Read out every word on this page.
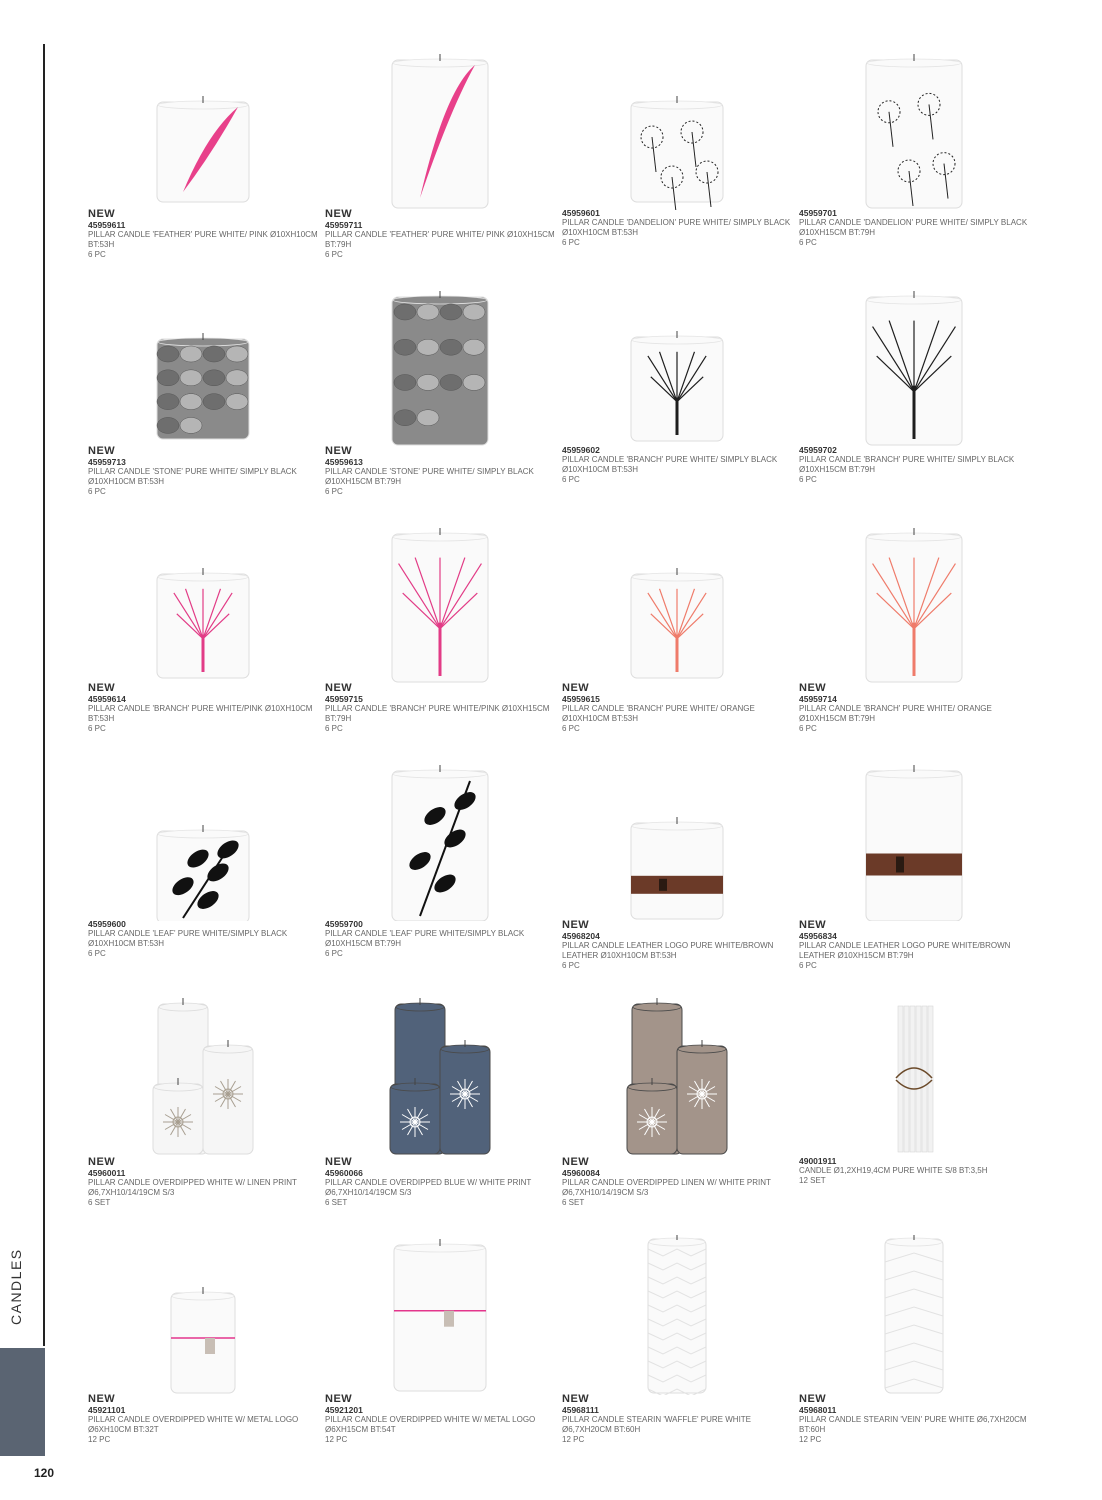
CANDLES
120
NEW
45959611
PILLAR CANDLE 'FEATHER' PURE WHITE/ PINK Ø10XH10CM BT:53H
6 PC
NEW
45959711
PILLAR CANDLE 'FEATHER' PURE WHITE/ PINK Ø10XH15CM BT:79H
6 PC
45959601
PILLAR CANDLE 'DANDELION' PURE WHITE/ SIMPLY BLACK Ø10XH10CM BT:53H
6 PC
45959701
PILLAR CANDLE 'DANDELION' PURE WHITE/ SIMPLY BLACK Ø10XH15CM BT:79H
6 PC
NEW
45959713
PILLAR CANDLE 'STONE' PURE WHITE/ SIMPLY BLACK Ø10XH10CM BT:53H
6 PC
NEW
45959613
PILLAR CANDLE 'STONE' PURE WHITE/ SIMPLY BLACK Ø10XH15CM BT:79H
6 PC
45959602
PILLAR CANDLE 'BRANCH' PURE WHITE/ SIMPLY BLACK Ø10XH10CM BT:53H
6 PC
45959702
PILLAR CANDLE 'BRANCH' PURE WHITE/ SIMPLY BLACK Ø10XH15CM BT:79H
6 PC
NEW
45959614
PILLAR CANDLE 'BRANCH' PURE WHITE/PINK Ø10XH10CM BT:53H
6 PC
NEW
45959715
PILLAR CANDLE 'BRANCH' PURE WHITE/PINK Ø10XH15CM BT:79H
6 PC
NEW
45959615
PILLAR CANDLE 'BRANCH' PURE WHITE/ ORANGE Ø10XH10CM BT:53H
6 PC
NEW
45959714
PILLAR CANDLE 'BRANCH' PURE WHITE/ ORANGE Ø10XH15CM BT:79H
6 PC
45959600
PILLAR CANDLE 'LEAF' PURE WHITE/SIMPLY BLACK Ø10XH10CM BT:53H
6 PC
45959700
PILLAR CANDLE 'LEAF' PURE WHITE/SIMPLY BLACK Ø10XH15CM BT:79H
6 PC
NEW
45968204
PILLAR CANDLE LEATHER LOGO PURE WHITE/BROWN LEATHER Ø10XH10CM BT:53H
6 PC
NEW
45956834
PILLAR CANDLE LEATHER LOGO PURE WHITE/BROWN LEATHER Ø10XH15CM BT:79H
6 PC
NEW
45960011
PILLAR CANDLE OVERDIPPED WHITE W/ LINEN PRINT Ø6,7XH10/14/19CM S/3
6 SET
NEW
45960066
PILLAR CANDLE OVERDIPPED BLUE W/ WHITE PRINT Ø6,7XH10/14/19CM S/3
6 SET
NEW
45960084
PILLAR CANDLE OVERDIPPED LINEN W/ WHITE PRINT Ø6,7XH10/14/19CM S/3
6 SET
49001911
CANDLE Ø1,2XH19,4CM PURE WHITE S/8 BT:3,5H
12 SET
NEW
45921101
PILLAR CANDLE OVERDIPPED WHITE W/ METAL LOGO Ø6XH10CM BT:32T
12 PC
NEW
45921201
PILLAR CANDLE OVERDIPPED WHITE W/ METAL LOGO Ø6XH15CM BT:54T
12 PC
NEW
45968111
PILLAR CANDLE STEARIN 'WAFFLE' PURE WHITE Ø6,7XH20CM BT:60H
12 PC
NEW
45968011
PILLAR CANDLE STEARIN 'VEIN' PURE WHITE Ø6,7XH20CM BT:60H
12 PC
